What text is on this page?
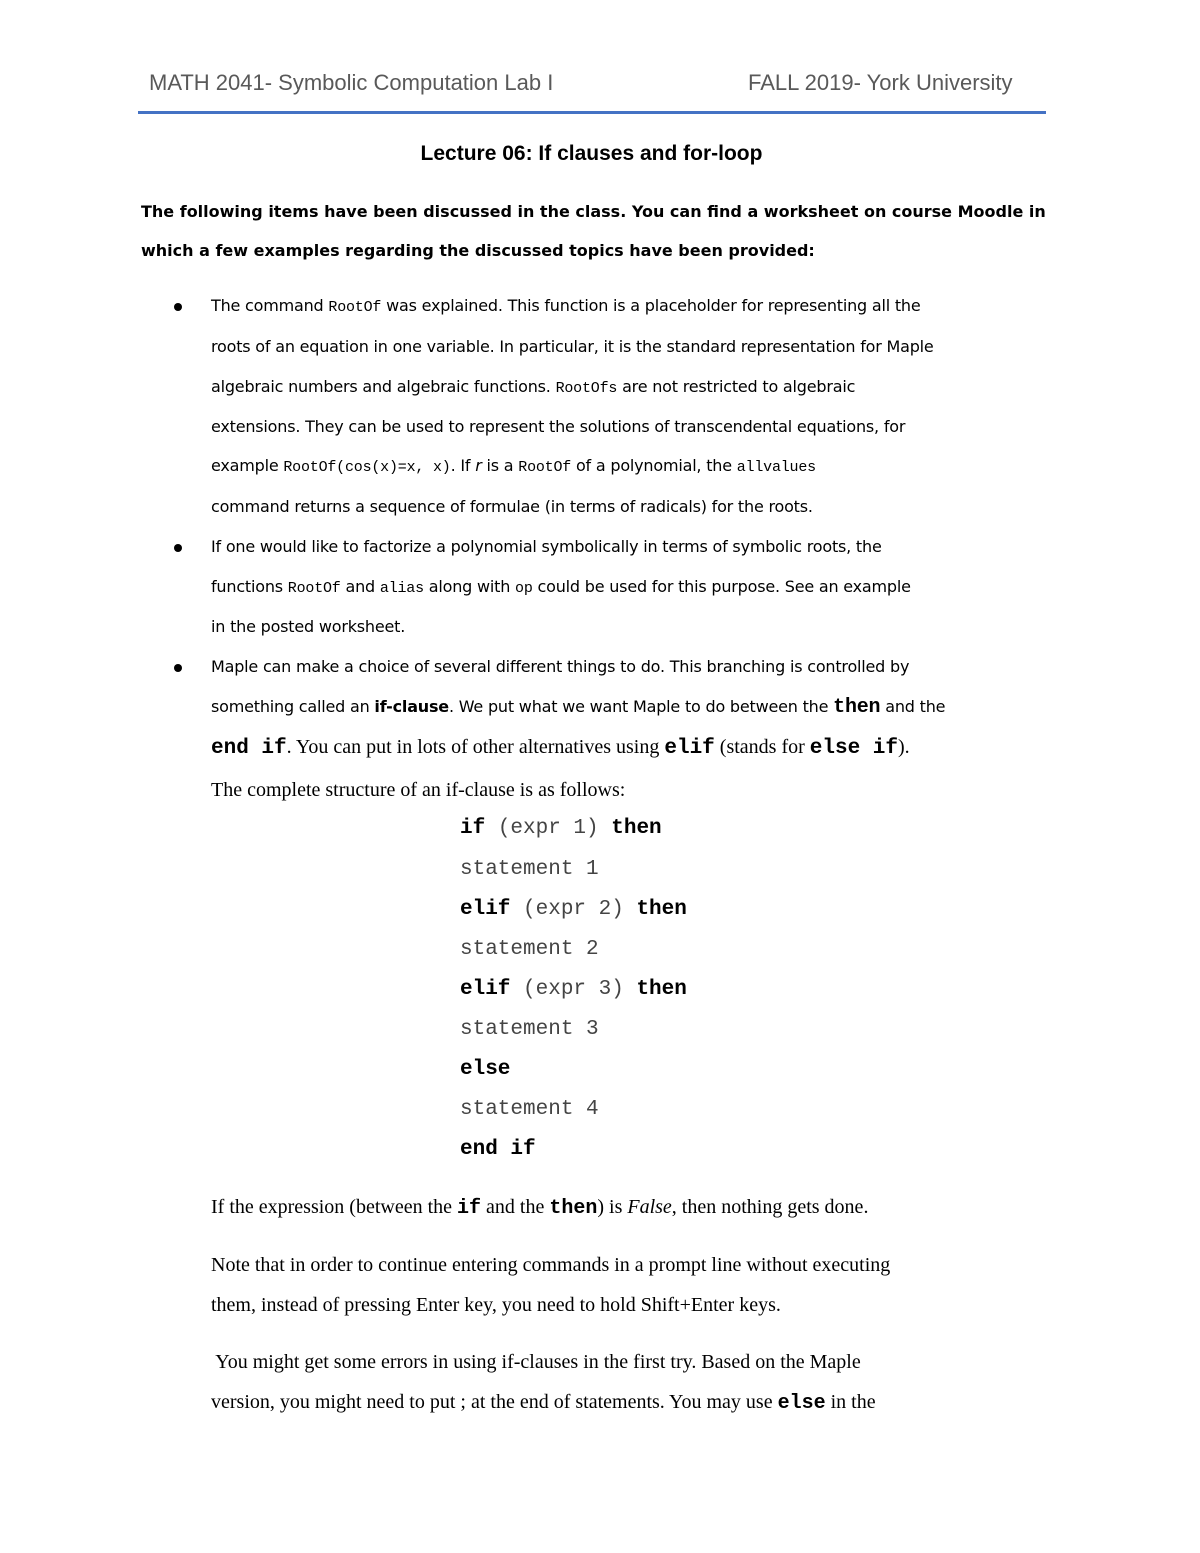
MATH 2041- Symbolic Computation Lab I	FALL 2019- York University
Lecture 06: If clauses and for-loop
The following items have been discussed in the class. You can find a worksheet on course Moodle in
which a few examples regarding the discussed topics have been provided:
The command RootOf was explained. This function is a placeholder for representing all the
roots of an equation in one variable. In particular, it is the standard representation for Maple
algebraic numbers and algebraic functions. RootOfs are not restricted to algebraic
extensions. They can be used to represent the solutions of transcendental equations, for
example RootOf(cos(x)=x, x). If r is a RootOf of a polynomial, the allvalues
command returns a sequence of formulae (in terms of radicals) for the roots.
If one would like to factorize a polynomial symbolically in terms of symbolic roots, the
functions RootOf and alias along with op could be used for this purpose. See an example
in the posted worksheet.
Maple can make a choice of several different things to do. This branching is controlled by
something called an if-clause. We put what we want Maple to do between the then and the
end if. You can put in lots of other alternatives using elif (stands for else if).
The complete structure of an if-clause is as follows:
if (expr 1) then
statement 1
elif (expr 2) then
statement 2
elif (expr 3) then
statement 3
else
statement 4
end if
If the expression (between the if and the then) is False, then nothing gets done.
Note that in order to continue entering commands in a prompt line without executing
them, instead of pressing Enter key, you need to hold Shift+Enter keys.
You might get some errors in using if-clauses in the first try. Based on the Maple
version, you might need to put ; at the end of statements. You may use else in the
